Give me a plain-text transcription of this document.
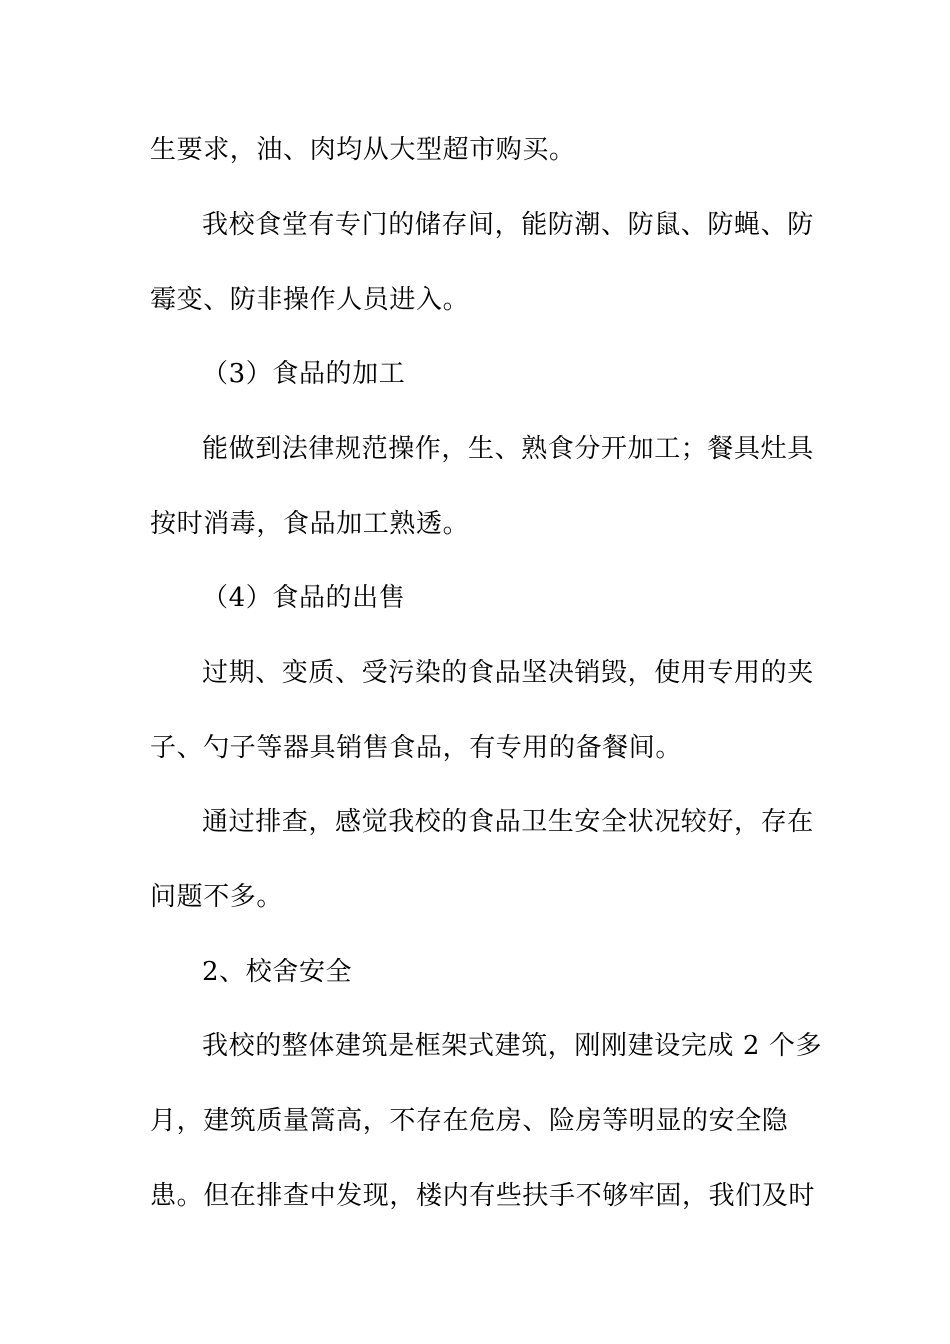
生要求，油、肉均从大型超市购买。
我校食堂有专门的储存间，能防潮、防鼠、防蝇、防
霉变、防非操作人员进入。
（3）食品的加工
能做到法律规范操作，生、熟食分开加工；餐具灶具
按时消毒，食品加工熟透。
（4）食品的出售
过期、变质、受污染的食品坚决销毁，使用专用的夹
子、勺子等器具销售食品，有专用的备餐间。
通过排查，感觉我校的食品卫生安全状况较好，存在
问题不多。
2、校舍安全
我校的整体建筑是框架式建筑，刚刚建设完成 2 个多
月，建筑质量篙高，不存在危房、险房等明显的安全隐
患。但在排查中发现，楼内有些扶手不够牢固，我们及时
